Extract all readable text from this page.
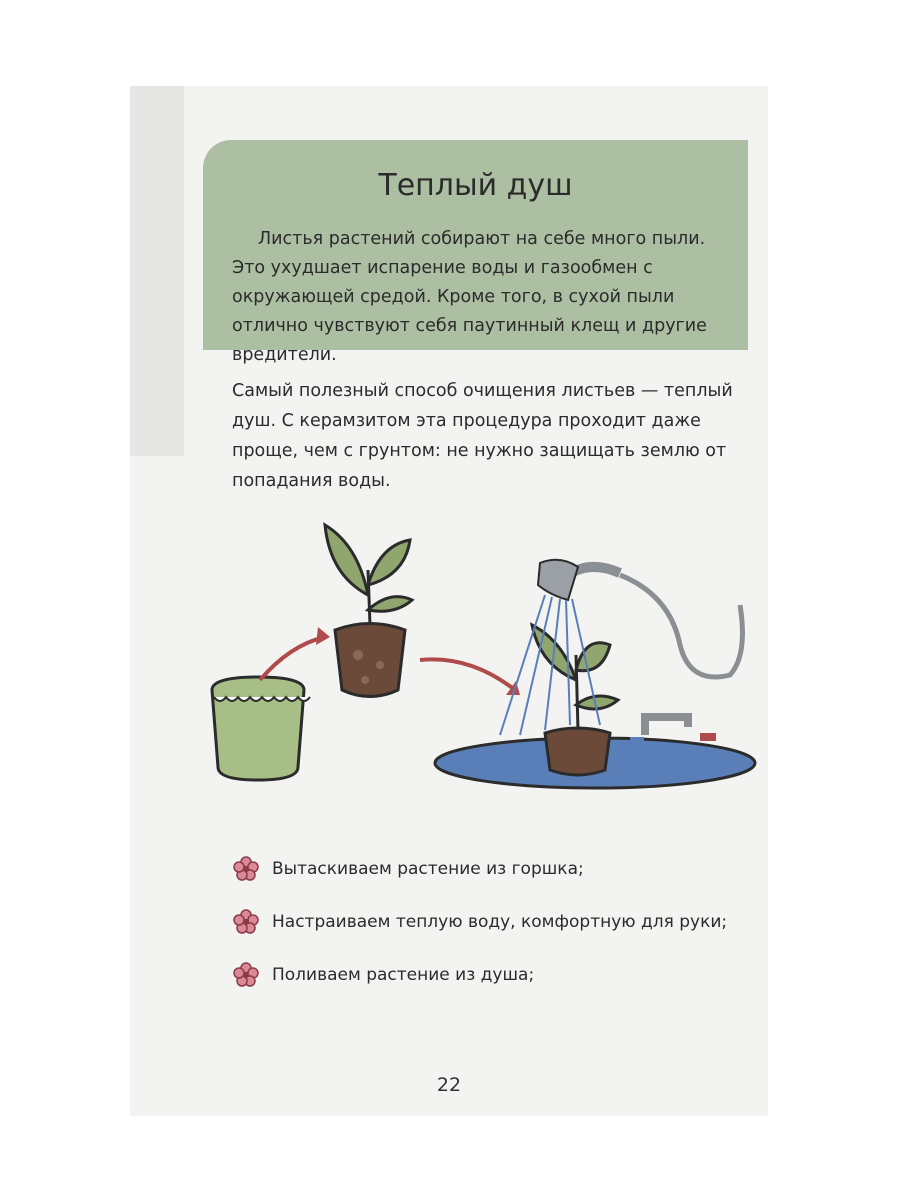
Теплый душ
Листья растений собирают на себе много пыли. Это ухудшает испарение воды и газообмен с окружающей средой. Кроме того, в сухой пыли отлично чувствуют себя паутинный клещ и другие вредители.
Самый полезный способ очищения листьев — теплый душ. С керамзитом эта процедура проходит даже проще, чем с грунтом: не нужно защищать землю от попадания воды.
Вытаскиваем растение из горшка;
Настраиваем теплую воду, комфортную для руки;
Поливаем растение из душа;
22
